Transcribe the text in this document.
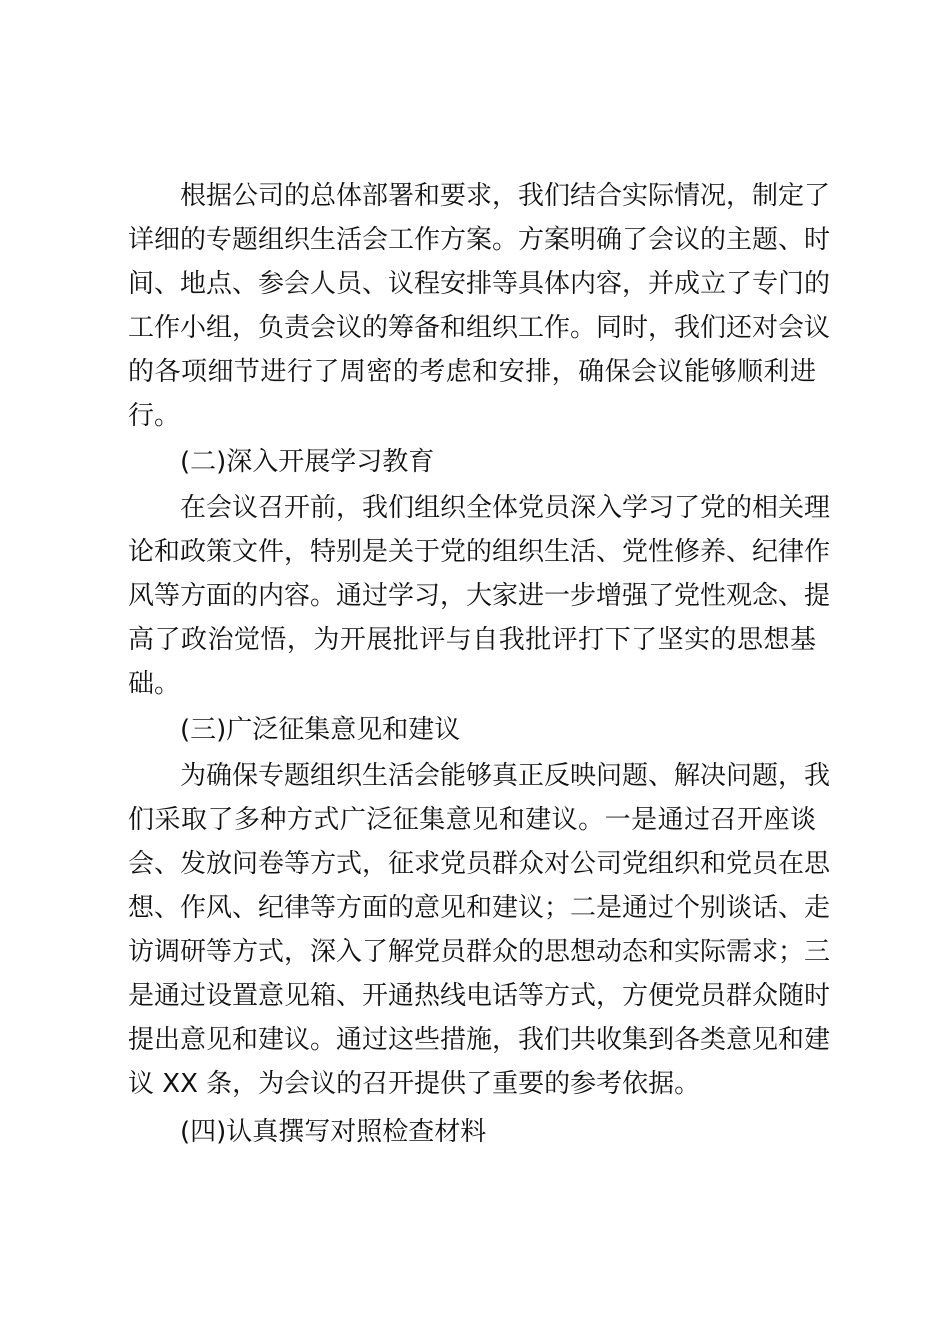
根据公司的总体部署和要求，我们结合实际情况，制定了
详细的专题组织生活会工作方案。方案明确了会议的主题、时
间、地点、参会人员、议程安排等具体内容，并成立了专门的
工作小组，负责会议的筹备和组织工作。同时，我们还对会议
的各项细节进行了周密的考虑和安排，确保会议能够顺利进
行。
(二)深入开展学习教育
在会议召开前，我们组织全体党员深入学习了党的相关理
论和政策文件，特别是关于党的组织生活、党性修养、纪律作
风等方面的内容。通过学习，大家进一步增强了党性观念、提
高了政治觉悟，为开展批评与自我批评打下了坚实的思想基
础。
(三)广泛征集意见和建议
为确保专题组织生活会能够真正反映问题、解决问题，我
们采取了多种方式广泛征集意见和建议。一是通过召开座谈
会、发放问卷等方式，征求党员群众对公司党组织和党员在思
想、作风、纪律等方面的意见和建议；二是通过个别谈话、走
访调研等方式，深入了解党员群众的思想动态和实际需求；三
是通过设置意见箱、开通热线电话等方式，方便党员群众随时
提出意见和建议。通过这些措施，我们共收集到各类意见和建
议 XX 条，为会议的召开提供了重要的参考依据。
(四)认真撰写对照检查材料
